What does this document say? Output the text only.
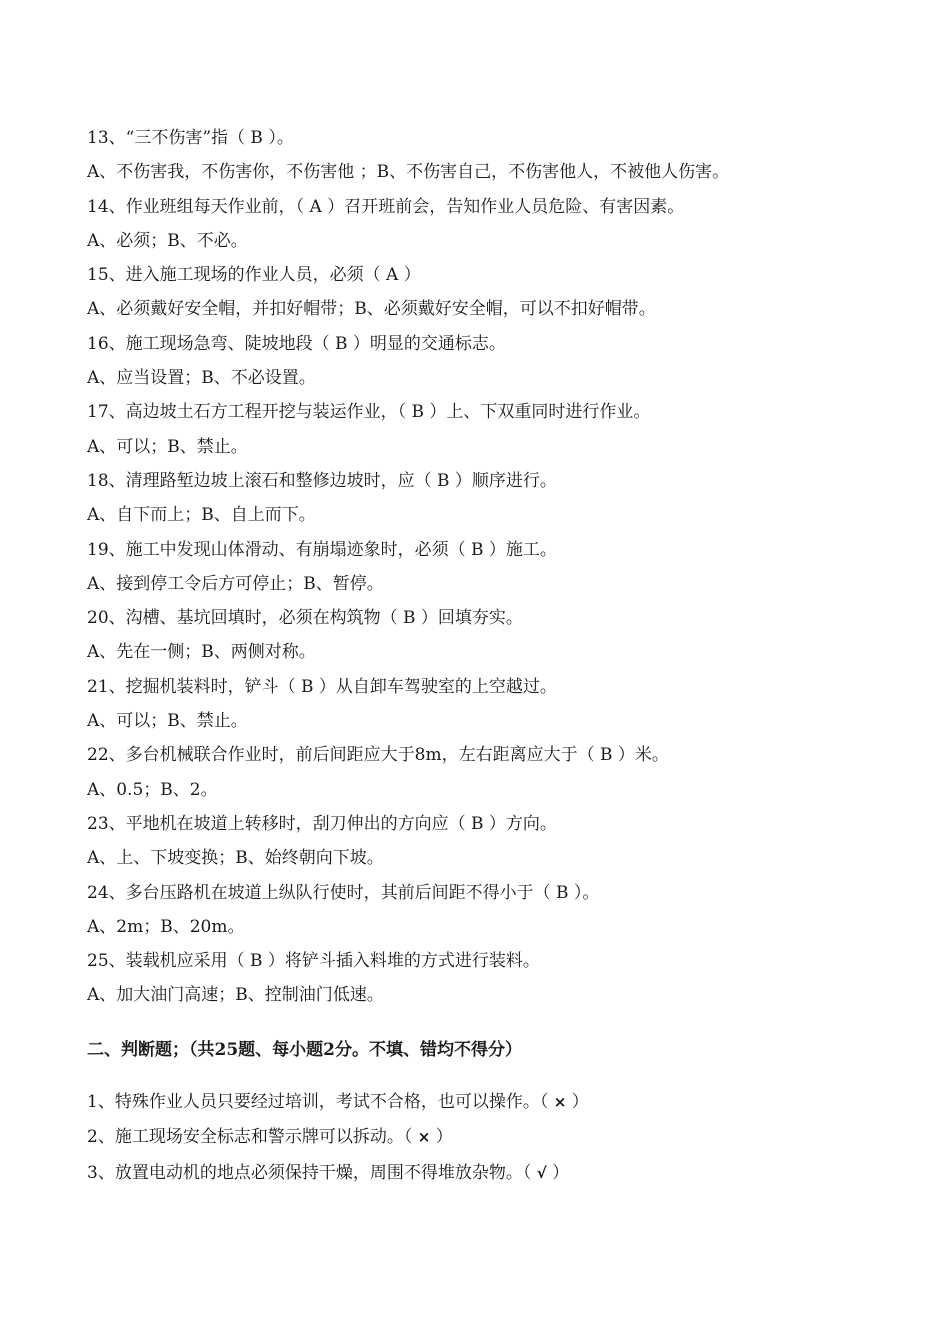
13、“三不伤害”指（ B ）。
A、不伤害我，不伤害你，不伤害他 ；B、不伤害自己，不伤害他人，不被他人伤害。
14、作业班组每天作业前，（ A ）召开班前会，告知作业人员危险、有害因素。
A、必须；B、不必。
15、进入施工现场的作业人员，必须（ A ）
A、必须戴好安全帽，并扣好帽带；B、必须戴好安全帽，可以不扣好帽带。
16、施工现场急弯、陡坡地段（ B ）明显的交通标志。
A、应当设置；B、不必设置。
17、高边坡土石方工程开挖与装运作业，（ B ）上、下双重同时进行作业。
A、可以；B、禁止。
18、清理路堑边坡上滚石和整修边坡时，应（ B ）顺序进行。
A、自下而上；B、自上而下。
19、施工中发现山体滑动、有崩塌迹象时，必须（ B ）施工。
A、接到停工令后方可停止；B、暂停。
20、沟槽、基坑回填时，必须在构筑物（ B ）回填夯实。
A、先在一侧；B、两侧对称。
21、挖掘机装料时，铲斗（ B ）从自卸车驾驶室的上空越过。
A、可以；B、禁止。
22、多台机械联合作业时，前后间距应大于8m，左右距离应大于（ B ）米。
A、0.5；B、2。
23、平地机在坡道上转移时，刮刀伸出的方向应（ B ）方向。
A、上、下坡变换；B、始终朝向下坡。
24、多台压路机在坡道上纵队行使时，其前后间距不得小于（ B ）。
A、2m；B、20m。
25、装载机应采用（ B ）将铲斗插入料堆的方式进行装料。
A、加大油门高速；B、控制油门低速。
二、判断题；（共25题、每小题2分。不填、错均不得分）
1、特殊作业人员只要经过培训，考试不合格，也可以操作。（ × ）
2、施工现场安全标志和警示牌可以拆动。（ × ）
3、放置电动机的地点必须保持干燥，周围不得堆放杂物。（ √ ）
